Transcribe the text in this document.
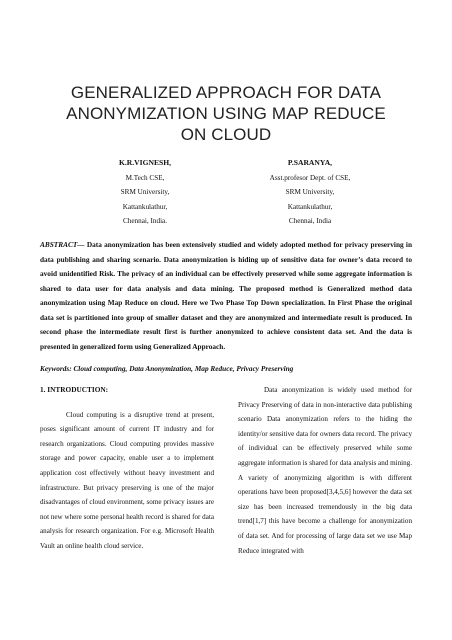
GENERALIZED APPROACH FOR DATA
ANONYMIZATION USING MAP REDUCE
ON CLOUD
K.R.VIGNESH,
M.Tech CSE,
SRM University,
Kattankulathur,
Chennai, India.
P.SARANYA,
Asst.profesor Dept. of CSE,
SRM University,
Kattankulathur,
Chennai, India
ABSTRACT— Data anonymization has been extensively studied and widely adopted method for privacy preserving in data publishing and sharing scenario. Data anonymization is hiding up of sensitive data for owner’s data record to avoid unidentified Risk. The privacy of an individual can be effectively preserved while some aggregate information is shared to data user for data analysis and data mining. The proposed method is Generalized method data anonymization using Map Reduce on cloud. Here we Two Phase Top Down specialization. In First Phase the original data set is partitioned into group of smaller dataset and they are anonymized and intermediate result is produced. In second phase the intermediate result first is further anonymized to achieve consistent data set. And the data is presented in generalized form using Generalized Approach.
Keywords: Cloud computing, Data Anonymization, Map Reduce, Privacy Preserving
1. INTRODUCTION:
Cloud computing is a disruptive trend at present, poses significant amount of current IT industry and for research organizations. Cloud computing provides massive storage and power capacity, enable user a to implement application cost effectively without heavy investment and infrastructure. But privacy preserving is one of the major disadvantages of cloud environment, some privacy issues are not new where some personal health record is shared for data analysis for research organization. For e.g. Microsoft Health Vault an online health cloud service.
Data anonymization is widely used method for Privacy Preserving of data in non-interactive data publishing scenario Data anonymization refers to the hiding the identity/or sensitive data for owners data record. The privacy of individual can be effectively preserved while some aggregate information is shared for data analysis and mining. A variety of anonymizing algorithm is with different operations have been proposed[3,4,5,6] however the data set size has been increased tremendously in the big data trend[1,7] this have become a challenge for anonymization of data set. And for processing of large data set we use Map Reduce integrated with
